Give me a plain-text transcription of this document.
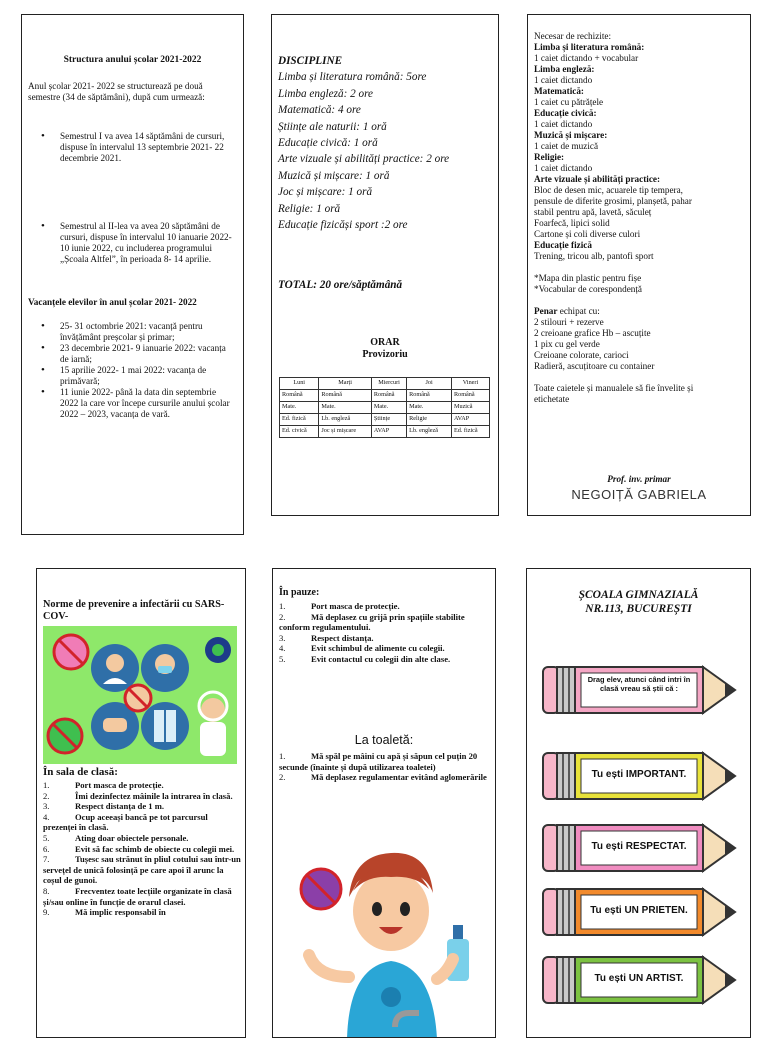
Structura anului școlar 2021-2022
Anul școlar 2021- 2022 se structurează pe două semestre (34 de săptămâni), după cum urmează:
• Semestrul I va avea 14 săptămâni de cursuri, dispuse în intervalul 13 septembrie 2021- 22 decembrie 2021.
• Semestrul al II-lea va avea 20 săptămâni de cursuri, dispuse în intervalul 10 ianuarie 2022- 10 iunie 2022, cu includerea programului „Școala Altfel”, în perioada 8- 14 aprilie.
Vacanțele elevilor în anul școlar 2021- 2022
• 25- 31 octombrie 2021: vacanță pentru învățământ preșcolar și primar;
• 23 decembrie 2021- 9 ianuarie 2022: vacanța de iarnă;
• 15 aprilie 2022- 1 mai 2022: vacanța de primăvară;
• 11 iunie 2022- până la data din septembrie 2022 la care vor începe cursurile anului școlar 2022 – 2023, vacanța de vară.
DISCIPLINE
Limba și literatura română: 5ore
Limba engleză: 2 ore
Matematică: 4 ore
Științe ale naturii: 1 oră
Educație civică: 1 oră
Arte vizuale și abilități practice: 2 ore
Muzică și mișcare: 1 oră
Joc și mișcare: 1 oră
Religie: 1 oră
Educație fizicăși sport :2 ore
TOTAL: 20 ore/săptămână
ORAR
Provizoriu
Luni	Marți	Miercuri	Joi	Vineri
Română	Română	Română	Română	Română
Mate.	Mate.	Mate.	Mate.	Muzică
Ed. fizică	Lb. engleză	Științe	Religie	AVAP
Ed. civică	Joc și mișcare	AVAP	Lb. engleză	Ed. fizică
Necesar de rechizite:
Limba și literatura română:
1 caiet dictando + vocabular
Limba engleză:
1 caiet dictando
Matematică:
1 caiet cu pătrățele
Educație civică:
1 caiet dictando
Muzică și mișcare:
1 caiet de muzică
Religie:
1 caiet dictando
Arte vizuale și abilități practice:
Bloc de desen mic, acuarele tip tempera,
pensule de diferite grosimi, planșetă, pahar
stabil pentru apă, lavetă, săculeț
Foarfecă, lipici solid
Cartone și coli diverse culori
Educație fizică
Trening, tricou alb, pantofi sport
*Mapa din plastic pentru fișe
*Vocabular de corespondență
Penar echipat cu:
2 stilouri + rezerve
2 creioane grafice Hb – ascuțite
1 pix cu gel verde
Creioane colorate, carioci
Radieră, ascuțitoare cu container
Toate caietele și manualele să fie învelite și
etichetate
Prof. inv. primar
NEGOIȚĂ GABRIELA
Norme de prevenire a infectării cu SARS-COV-
În sala de clasă:
1.	Port masca de protecție.
2.	Îmi dezinfectez mâinile la intrarea în clasă.
3.	Respect distanța de 1 m.
4.	Ocup aceeași bancă pe tot parcursul prezenței în clasă.
5.	Ating doar obiectele personale.
6.	Evit să fac schimb de obiecte cu colegii mei.
7.	Tușesc sau strănut în pliul cotului sau într-un servețel de unică folosință pe care apoi îl arunc la coșul de gunoi.
8.	Frecventez toate lecțiile organizate în clasă și/sau online în funcție de orarul clasei.
9.	Mă implic responsabil în
În pauze:
1.	Port masca de protecție.
2.	Mă deplasez cu grijă prin spațiile stabilite conform regulamentului.
3.	Respect distanța.
4.	Evit schimbul de alimente cu colegii.
5.	Evit contactul cu colegii din alte clase.
La toaletă:
1.	Mă spăl pe mâini cu apă și săpun cel puțin 20 secunde (înainte și după utilizarea toaletei)
2.	Mă deplasez regulamentar evitând aglomerările
ȘCOALA GIMNAZIALĂ
NR.113, BUCUREȘTI
Drag elev, atunci când intri în clasă vreau să știi că :
Tu ești IMPORTANT.
Tu ești RESPECTAT.
Tu ești UN PRIETEN.
Tu ești UN ARTIST.
